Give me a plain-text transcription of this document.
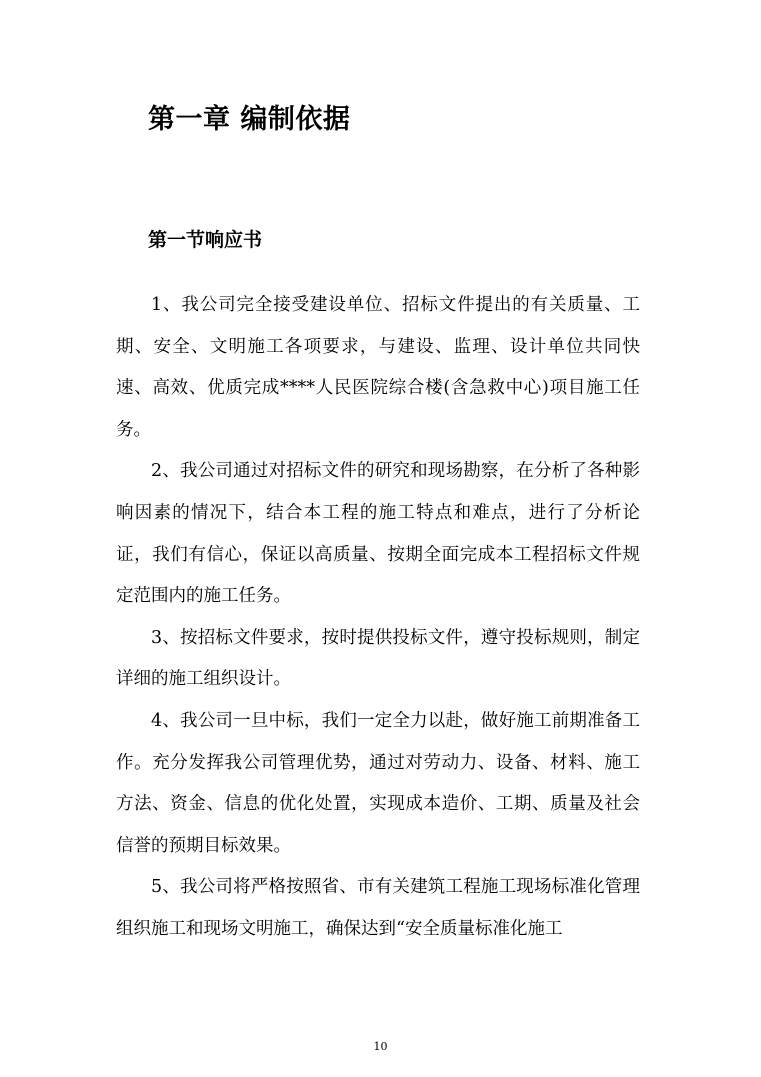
第一章 编制依据
第一节响应书

1、我公司完全接受建设单位、招标文件提出的有关质量、工期、安全、文明施工各项要求，与建设、监理、设计单位共同快速、高效、优质完成****人民医院综合楼(含急救中心)项目施工任务。

2、我公司通过对招标文件的研究和现场勘察，在分析了各种影响因素的情况下，结合本工程的施工特点和难点，进行了分析论证，我们有信心，保证以高质量、按期全面完成本工程招标文件规定范围内的施工任务。

3、按招标文件要求，按时提供投标文件，遵守投标规则，制定详细的施工组织设计。

4、我公司一旦中标，我们一定全力以赴，做好施工前期准备工作。充分发挥我公司管理优势，通过对劳动力、设备、材料、施工方法、资金、信息的优化处置，实现成本造价、工期、质量及社会信誉的预期目标效果。

5、我公司将严格按照省、市有关建筑工程施工现场标准化管理组织施工和现场文明施工，确保达到“安全质量标准化施工

10
